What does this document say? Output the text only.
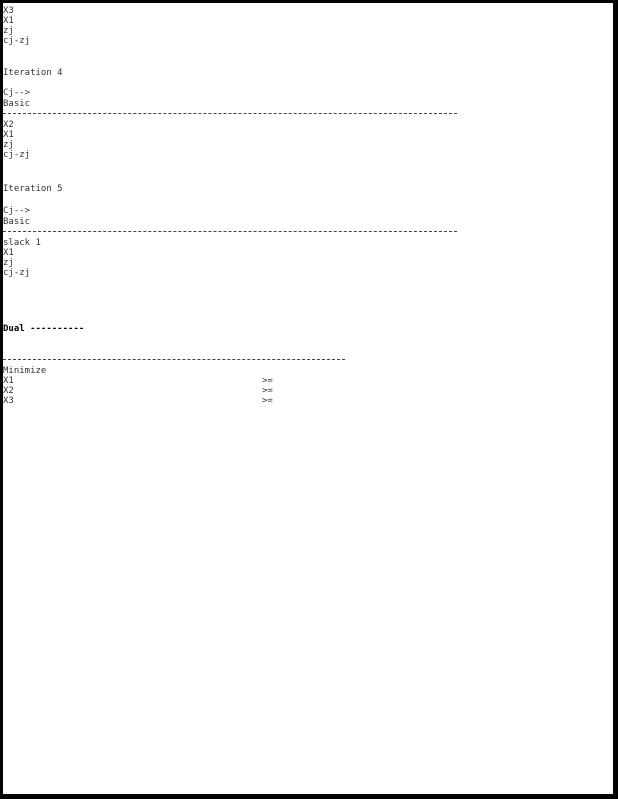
X3
X1
zj
cj-zj
Iteration 4
Cj-->
Basic
X2
X1
zj
cj-zj
Iteration 5
Cj-->
Basic
slack 1
X1
zj
cj-zj
Dual ----------
Minimize
X1	>=
X2	>=
X3	>=
